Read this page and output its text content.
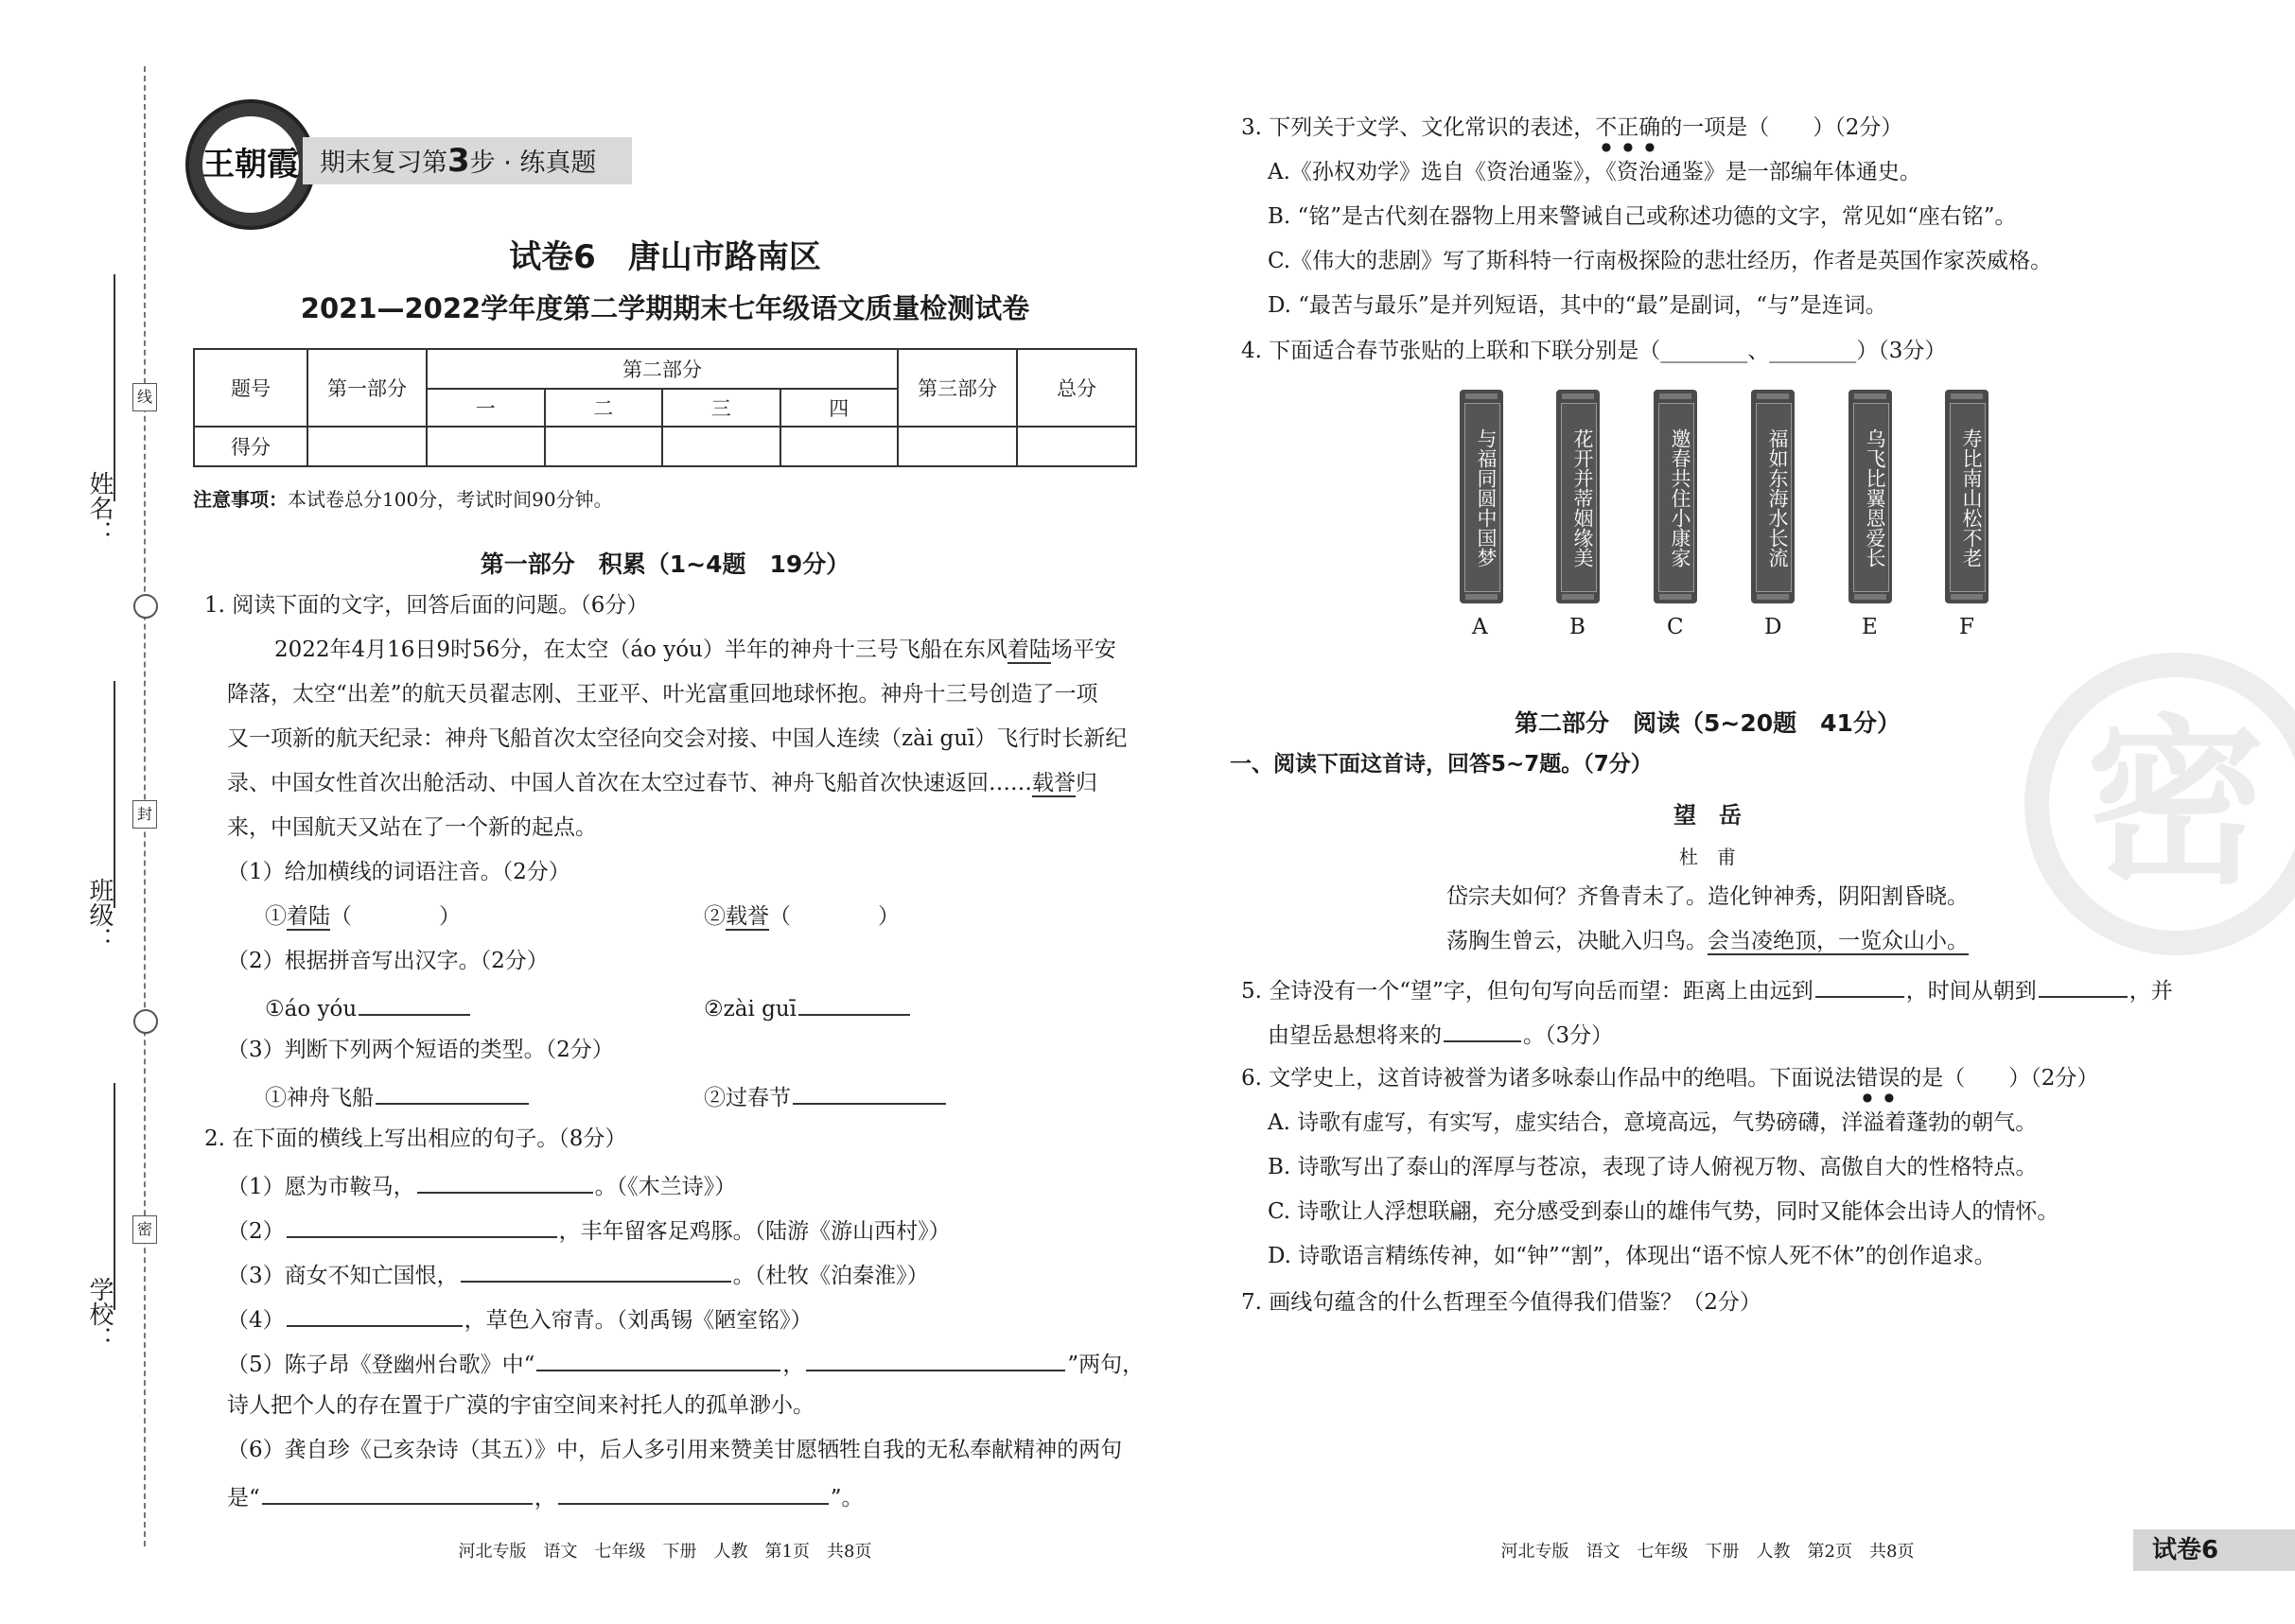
线
封
密
姓名：
班级：
学校：
王朝霞 期末复习第3步 · 练真题
试卷6　唐山市路南区
2021—2022学年度第二学期期末七年级语文质量检测试卷
题号	第一部分	第二部分				第三部分	总分
		一	二	三	四		
得分							
注意事项：本试卷总分100分，考试时间90分钟。
第一部分　积累（1~4题　19分）
1. 阅读下面的文字，回答后面的问题。（6分）
2022年4月16日9时56分，在太空（áo yóu）半年的神舟十三号飞船在东风着陆场平安
降落，太空“出差”的航天员翟志刚、王亚平、叶光富重回地球怀抱。神舟十三号创造了一项
又一项新的航天纪录：神舟飞船首次太空径向交会对接、中国人连续（zài guī）飞行时长新纪
录、中国女性首次出舱活动、中国人首次在太空过春节、神舟飞船首次快速返回……载誉归
来，中国航天又站在了一个新的起点。
（1）给加横线的词语注音。（2分）
①着陆（　　　　）	②载誉（　　　　）
（2）根据拼音写出汉字。（2分）
①áo yóu	②zài guī
（3）判断下列两个短语的类型。（2分）
①神舟飞船	②过春节
2. 在下面的横线上写出相应的句子。（8分）
（1）愿为市鞍马，	。（《木兰诗》）
（2）	，丰年留客足鸡豚。（陆游《游山西村》）
（3）商女不知亡国恨，	。（杜牧《泊秦淮》）
（4）	，草色入帘青。（刘禹锡《陋室铭》）
（5）陈子昂《登幽州台歌》中“	，	”两句，
诗人把个人的存在置于广漠的宇宙空间来衬托人的孤单渺小。
（6）龚自珍《己亥杂诗（其五）》中，后人多引用来赞美甘愿牺牲自我的无私奉献精神的两句
是“	，	”。
河北专版　语文　七年级　下册　人教　第1页　共8页
密
3. 下列关于文学、文化常识的表述，不正确的一项是（　　）（2分）
A.《孙权劝学》选自《资治通鉴》，《资治通鉴》是一部编年体通史。
B. “铭”是古代刻在器物上用来警诫自己或称述功德的文字，常见如“座右铭”。
C.《伟大的悲剧》写了斯科特一行南极探险的悲壮经历，作者是英国作家茨威格。
D. “最苦与最乐”是并列短语，其中的“最”是副词，“与”是连词。
4. 下面适合春节张贴的上联和下联分别是（________、________）（3分）
与福同圆中国梦	花开并蒂姻缘美	邀春共住小康家	福如东海水长流	乌飞比翼恩爱长	寿比南山松不老
A	B	C	D	E	F
第二部分　阅读（5~20题　41分）
一、阅读下面这首诗，回答5~7题。（7分）
望　岳
杜　甫
岱宗夫如何？齐鲁青未了。造化钟神秀，阴阳割昏晓。
荡胸生曾云，决眦入归鸟。会当凌绝顶，一览众山小。
5. 全诗没有一个“望”字，但句句写向岳而望：距离上由远到	，时间从朝到	，并
由望岳悬想将来的	。（3分）
6. 文学史上，这首诗被誉为诸多咏泰山作品中的绝唱。下面说法错误的是（　　）（2分）
A. 诗歌有虚写，有实写，虚实结合，意境高远，气势磅礴，洋溢着蓬勃的朝气。
B. 诗歌写出了泰山的浑厚与苍凉，表现了诗人俯视万物、高傲自大的性格特点。
C. 诗歌让人浮想联翩，充分感受到泰山的雄伟气势，同时又能体会出诗人的情怀。
D. 诗歌语言精练传神，如“钟”“割”，体现出“语不惊人死不休”的创作追求。
7. 画线句蕴含的什么哲理至今值得我们借鉴？（2分）
河北专版　语文　七年级　下册　人教　第2页　共8页	试卷6
